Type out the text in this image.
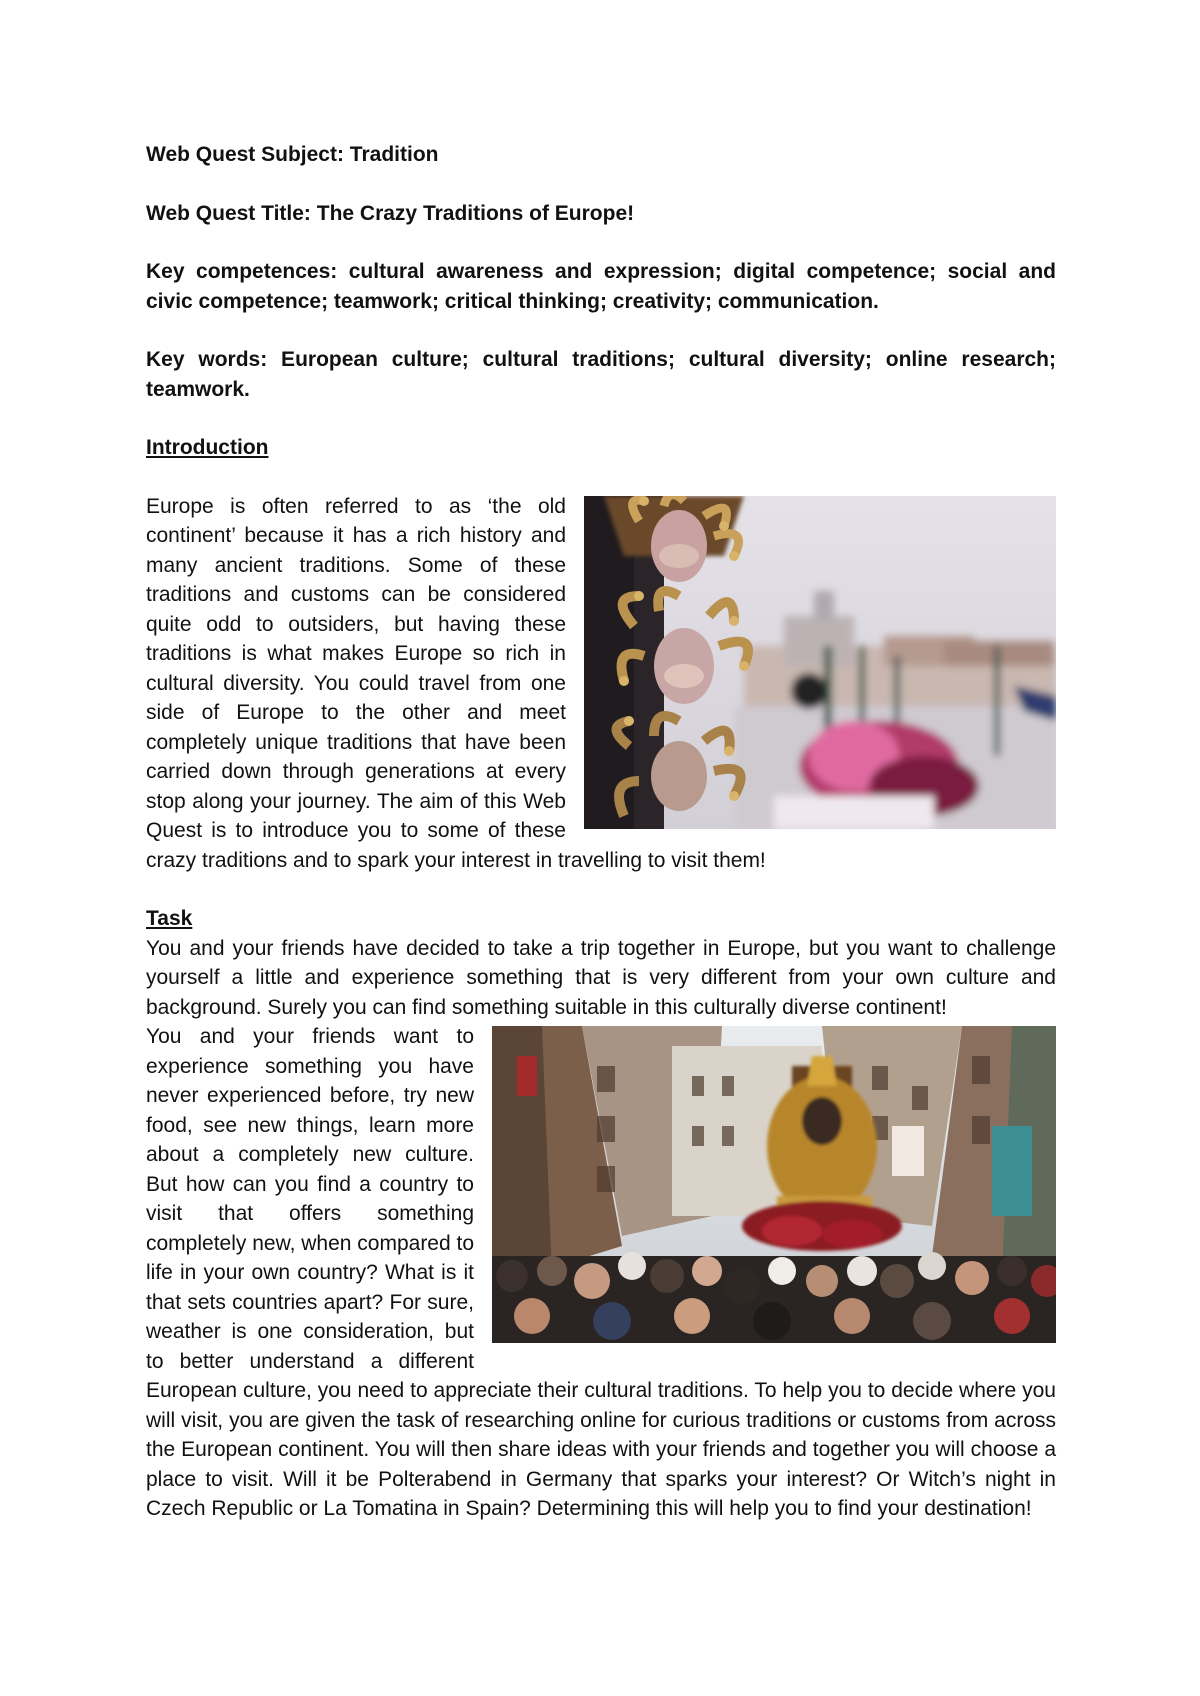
Web Quest Subject: Tradition
Web Quest Title: The Crazy Traditions of Europe!
Key competences: cultural awareness and expression; digital competence; social and civic competence; teamwork; critical thinking; creativity; communication.
Key words: European culture; cultural traditions; cultural diversity; online research; teamwork.
Introduction

Europe is often referred to as ‘the old continent’ because it has a rich history and many ancient traditions. Some of these traditions and customs can be considered quite odd to outsiders, but having these traditions is what makes Europe so rich in cultural diversity. You could travel from one side of Europe to the other and meet completely unique traditions that have been carried down through generations at every stop along your journey. The aim of this Web Quest is to introduce you to some of these crazy traditions and to spark your interest in travelling to visit them!

Task

You and your friends have decided to take a trip together in Europe, but you want to challenge yourself a little and experience something that is very different from your own culture and background. Surely you can find something suitable in this culturally diverse continent!

You and your friends want to experience something you have never experienced before, try new food, see new things, learn more about a completely new culture. But how can you find a country to visit that offers something completely new, when compared to life in your own country? What is it that sets countries apart? For sure, weather is one consideration, but to better understand a different European culture, you need to appreciate their cultural traditions. To help you to decide where you will visit, you are given the task of researching online for curious traditions or customs from across the European continent. You will then share ideas with your friends and together you will choose a place to visit. Will it be Polterabend in Germany that sparks your interest? Or Witch’s night in Czech Republic or La Tomatina in Spain? Determining this will help you to find your destination!
